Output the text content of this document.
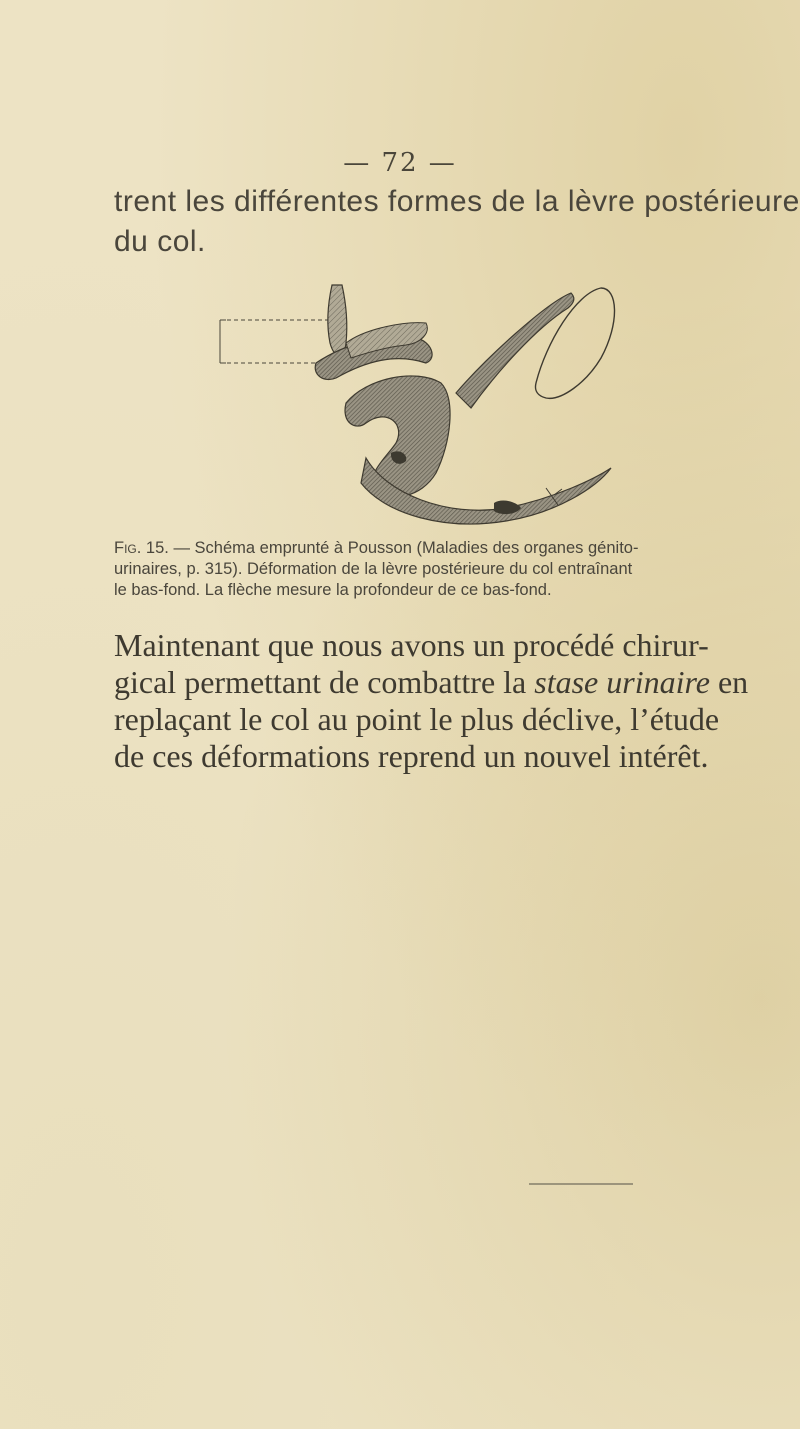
— 72 —

trent les différentes formes de la lèvre postérieure
du col.

Fig. 15. — Schéma emprunté à Pousson (Maladies des organes génito-
urinaires, p. 315). Déformation de la lèvre postérieure du col entraînant
le bas-fond. La flèche mesure la profondeur de ce bas-fond.

Maintenant que nous avons un procédé chirur-
gical permettant de combattre la stase urinaire en
replaçant le col au point le plus déclive, l’étude
de ces déformations reprend un nouvel intérêt.
